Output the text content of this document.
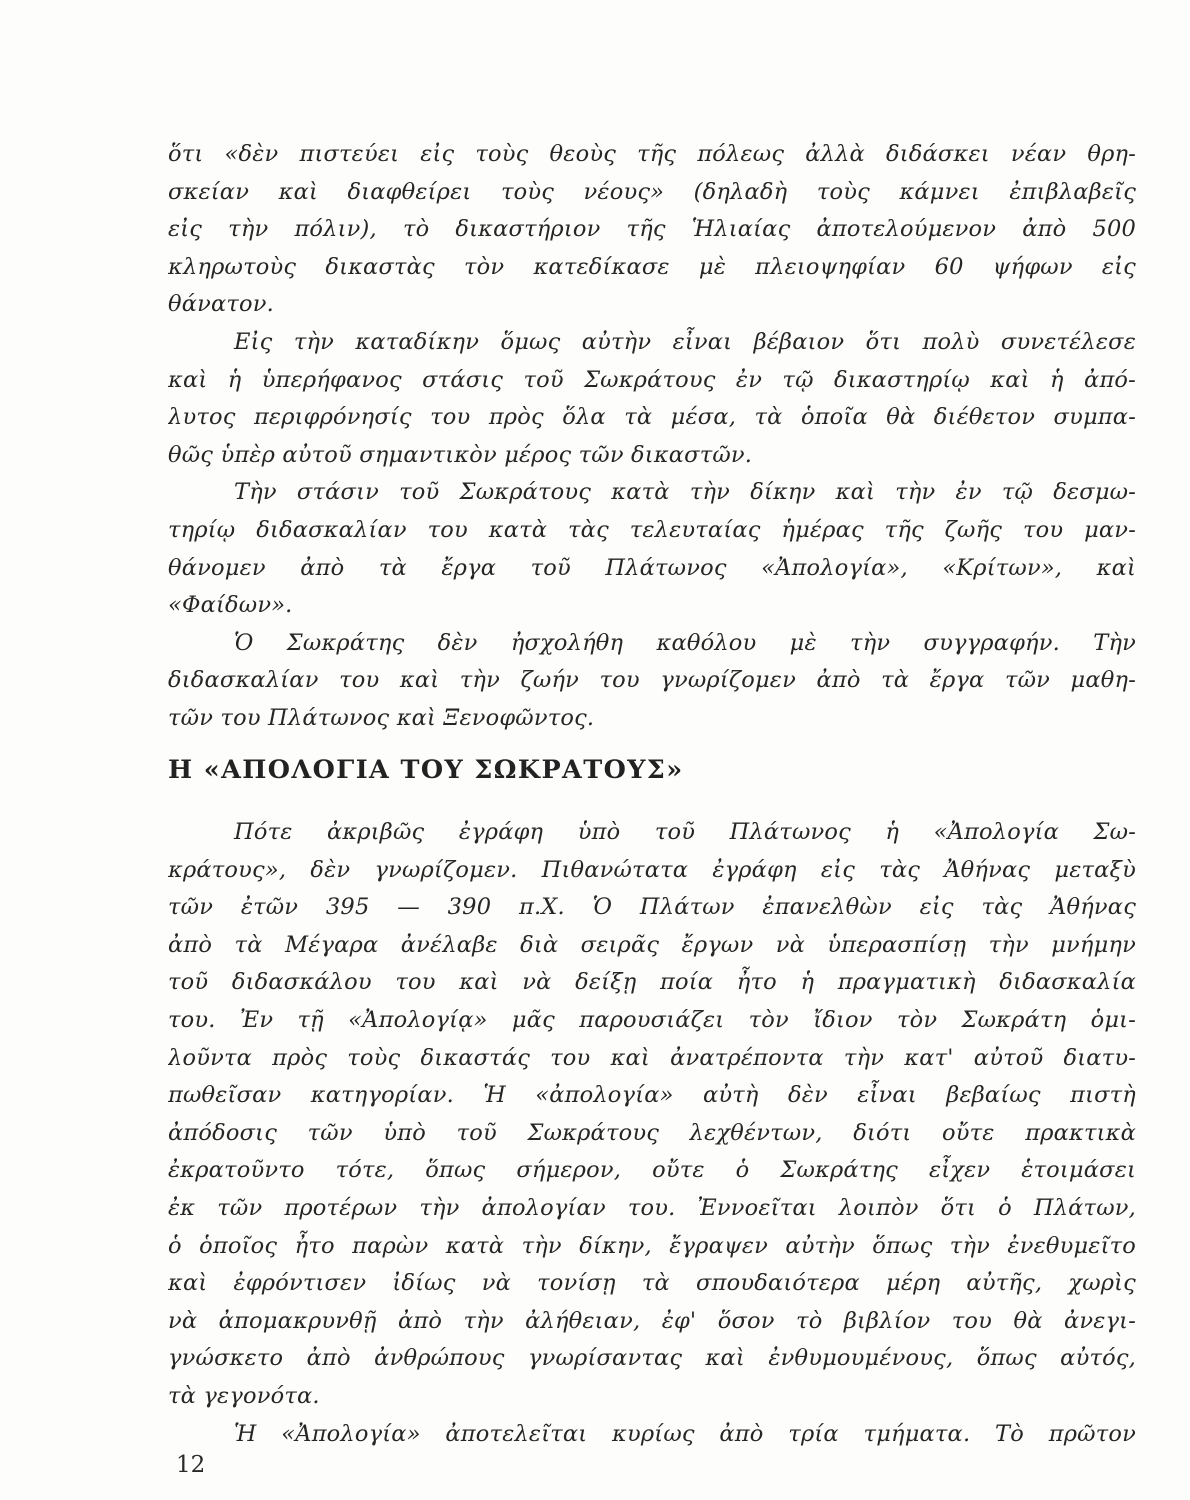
ὅτι «δὲν πιστεύει εἰς τοὺς θεοὺς τῆς πόλεως ἀλλὰ διδάσκει νέαν θρη-
σκείαν καὶ διαφθείρει τοὺς νέους» (δηλαδὴ τοὺς κάμνει ἐπιβλαβεῖς
εἰς τὴν πόλιν), τὸ δικαστήριον τῆς Ἡλιαίας ἀποτελούμενον ἀπὸ 500
κληρωτοὺς δικαστὰς τὸν κατεδίκασε μὲ πλειοψηφίαν 60 ψήφων εἰς
θάνατον.
Εἰς τὴν καταδίκην ὅμως αὐτὴν εἶναι βέβαιον ὅτι πολὺ συνετέλεσε
καὶ ἡ ὑπερήφανος στάσις τοῦ Σωκράτους ἐν τῷ δικαστηρίῳ καὶ ἡ ἀπό-
λυτος περιφρόνησίς του πρὸς ὅλα τὰ μέσα, τὰ ὁποῖα θὰ διέθετον συμπα-
θῶς ὑπὲρ αὐτοῦ σημαντικὸν μέρος τῶν δικαστῶν.
Τὴν στάσιν τοῦ Σωκράτους κατὰ τὴν δίκην καὶ τὴν ἐν τῷ δεσμω-
τηρίῳ διδασκαλίαν του κατὰ τὰς τελευταίας ἡμέρας τῆς ζωῆς του μαν-
θάνομεν ἀπὸ τὰ ἔργα τοῦ Πλάτωνος «Ἀπολογία», «Κρίτων», καὶ
«Φαίδων».
Ὁ Σωκράτης δὲν ἠσχολήθη καθόλου μὲ τὴν συγγραφήν. Τὴν
διδασκαλίαν του καὶ τὴν ζωήν του γνωρίζομεν ἀπὸ τὰ ἔργα τῶν μαθη-
τῶν του Πλάτωνος καὶ Ξενοφῶντος.
Η «ΑΠΟΛΟΓΙΑ ΤΟΥ ΣΩΚΡΑΤΟΥΣ»
Πότε ἀκριβῶς ἐγράφη ὑπὸ τοῦ Πλάτωνος ἡ «Ἀπολογία Σω-
κράτους», δὲν γνωρίζομεν. Πιθανώτατα ἐγράφη εἰς τὰς Ἀθήνας μεταξὺ
τῶν ἐτῶν 395 — 390 π.Χ. Ὁ Πλάτων ἐπανελθὼν εἰς τὰς Ἀθήνας
ἀπὸ τὰ Μέγαρα ἀνέλαβε διὰ σειρᾶς ἔργων νὰ ὑπερασπίσῃ τὴν μνήμην
τοῦ διδασκάλου του καὶ νὰ δείξῃ ποία ἦτο ἡ πραγματικὴ διδασκαλία
του. Ἐν τῇ «Ἀπολογίᾳ» μᾶς παρουσιάζει τὸν ἴδιον τὸν Σωκράτη ὁμι-
λοῦντα πρὸς τοὺς δικαστάς του καὶ ἀνατρέποντα τὴν κατ' αὐτοῦ διατυ-
πωθεῖσαν κατηγορίαν. Ἡ «ἀπολογία» αὐτὴ δὲν εἶναι βεβαίως πιστὴ
ἀπόδοσις τῶν ὑπὸ τοῦ Σωκράτους λεχθέντων, διότι οὔτε πρακτικὰ
ἐκρατοῦντο τότε, ὅπως σήμερον, οὔτε ὁ Σωκράτης εἶχεν ἑτοιμάσει
ἐκ τῶν προτέρων τὴν ἀπολογίαν του. Ἐννοεῖται λοιπὸν ὅτι ὁ Πλάτων,
ὁ ὁποῖος ἦτο παρὼν κατὰ τὴν δίκην, ἔγραψεν αὐτὴν ὅπως τὴν ἐνεθυμεῖτο
καὶ ἐφρόντισεν ἰδίως νὰ τονίσῃ τὰ σπουδαιότερα μέρη αὐτῆς, χωρὶς
νὰ ἀπομακρυνθῇ ἀπὸ τὴν ἀλήθειαν, ἐφ' ὅσον τὸ βιβλίον του θὰ ἀνεγι-
γνώσκετο ἀπὸ ἀνθρώπους γνωρίσαντας καὶ ἐνθυμουμένους, ὅπως αὐτός,
τὰ γεγονότα.
Ἡ «Ἀπολογία» ἀποτελεῖται κυρίως ἀπὸ τρία τμήματα. Τὸ πρῶτον
12
